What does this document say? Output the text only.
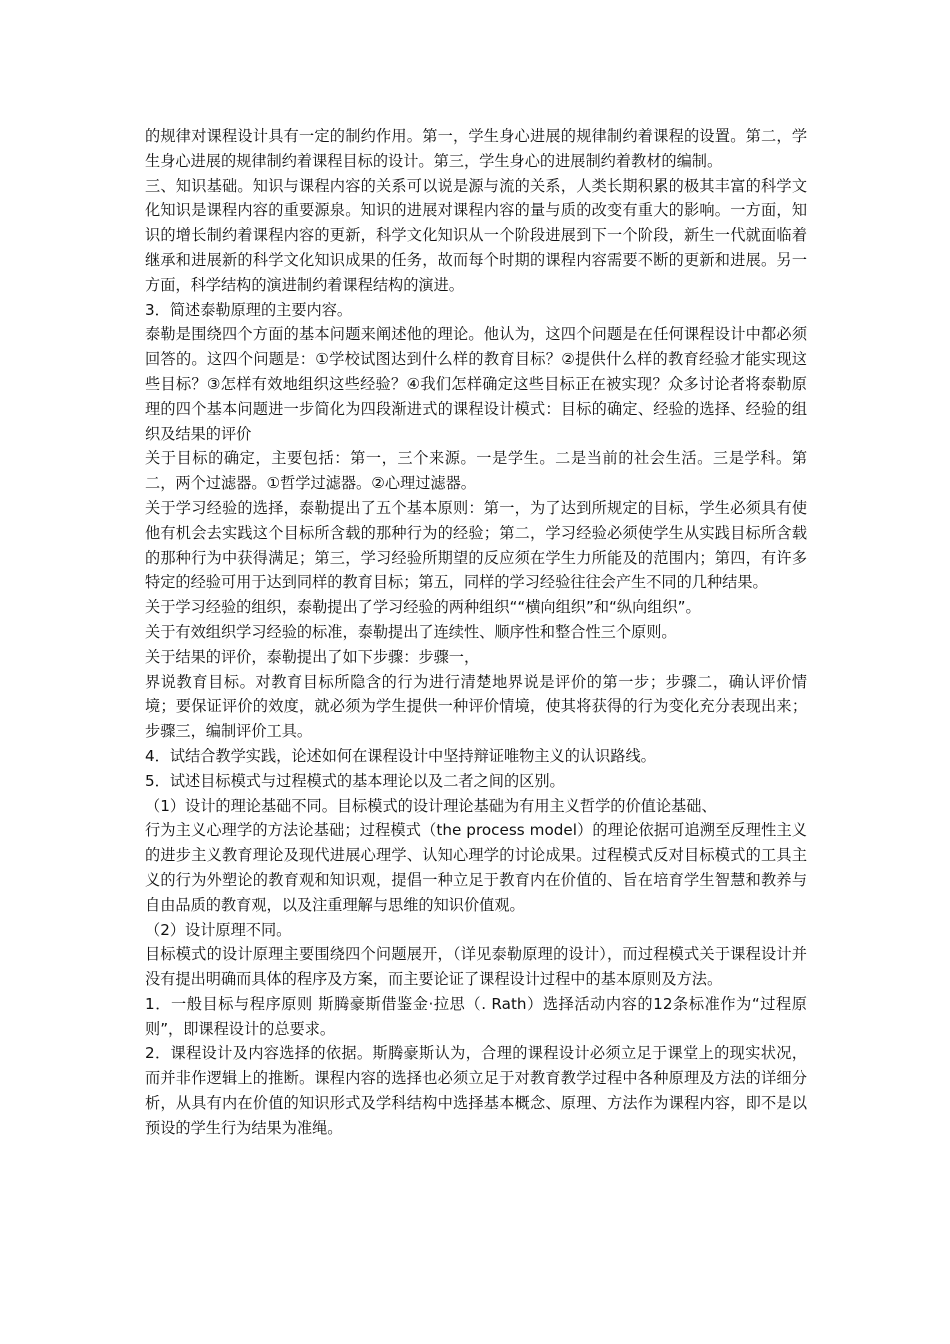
的规律对课程设计具有一定的制约作用。第一，学生身心进展的规律制约着课程的设置。第二，学生身心进展的规律制约着课程目标的设计。第三，学生身心的进展制约着教材的编制。

三、知识基础。知识与课程内容的关系可以说是源与流的关系，人类长期积累的极其丰富的科学文化知识是课程内容的重要源泉。知识的进展对课程内容的量与质的改变有重大的影响。一方面，知识的增长制约着课程内容的更新，科学文化知识从一个阶段进展到下一个阶段，新生一代就面临着继承和进展新的科学文化知识成果的任务，故而每个时期的课程内容需要不断的更新和进展。另一方面，科学结构的演进制约着课程结构的演进。

3．简述泰勒原理的主要内容。

泰勒是围绕四个方面的基本问题来阐述他的理论。他认为，这四个问题是在任何课程设计中都必须回答的。这四个问题是：①学校试图达到什么样的教育目标？②提供什么样的教育经验才能实现这些目标？③怎样有效地组织这些经验？④我们怎样确定这些目标正在被实现？众多讨论者将泰勒原理的四个基本问题进一步简化为四段渐进式的课程设计模式：目标的确定、经验的选择、经验的组织及结果的评价

关于目标的确定，主要包括：第一，三个来源。一是学生。二是当前的社会生活。三是学科。第二，两个过滤器。①哲学过滤器。②心理过滤器。

关于学习经验的选择，泰勒提出了五个基本原则：第一，为了达到所规定的目标，学生必须具有使他有机会去实践这个目标所含载的那种行为的经验；第二，学习经验必须使学生从实践目标所含载的那种行为中获得满足；第三，学习经验所期望的反应须在学生力所能及的范围内；第四，有许多特定的经验可用于达到同样的教育目标；第五，同样的学习经验往往会产生不同的几种结果。

关于学习经验的组织，泰勒提出了学习经验的两种组织““横向组织”和“纵向组织”。

关于有效组织学习经验的标准，泰勒提出了连续性、顺序性和整合性三个原则。

关于结果的评价，泰勒提出了如下步骤：步骤一，

界说教育目标。对教育目标所隐含的行为进行清楚地界说是评价的第一步；步骤二，确认评价情境；要保证评价的效度，就必须为学生提供一种评价情境，使其将获得的行为变化充分表现出来；步骤三，编制评价工具。

4．试结合教学实践，论述如何在课程设计中坚持辩证唯物主义的认识路线。

5．试述目标模式与过程模式的基本理论以及二者之间的区别。

（1）设计的理论基础不同。目标模式的设计理论基础为有用主义哲学的价值论基础、

行为主义心理学的方法论基础；过程模式（the process model）的理论依据可追溯至反理性主义的进步主义教育理论及现代进展心理学、认知心理学的讨论成果。过程模式反对目标模式的工具主义的行为外塑论的教育观和知识观，提倡一种立足于教育内在价值的、旨在培育学生智慧和教养与自由品质的教育观，以及注重理解与思维的知识价值观。

（2）设计原理不同。

目标模式的设计原理主要围绕四个问题展开，（详见泰勒原理的设计），而过程模式关于课程设计并没有提出明确而具体的程序及方案，而主要论证了课程设计过程中的基本原则及方法。

1．一般目标与程序原则 斯腾豪斯借鉴金·拉思（. Rath）选择活动内容的12条标准作为“过程原则”，即课程设计的总要求。

2．课程设计及内容选择的依据。斯腾豪斯认为，合理的课程设计必须立足于课堂上的现实状况，而并非作逻辑上的推断。课程内容的选择也必须立足于对教育教学过程中各种原理及方法的详细分析，从具有内在价值的知识形式及学科结构中选择基本概念、原理、方法作为课程内容，即不是以预设的学生行为结果为准绳。
